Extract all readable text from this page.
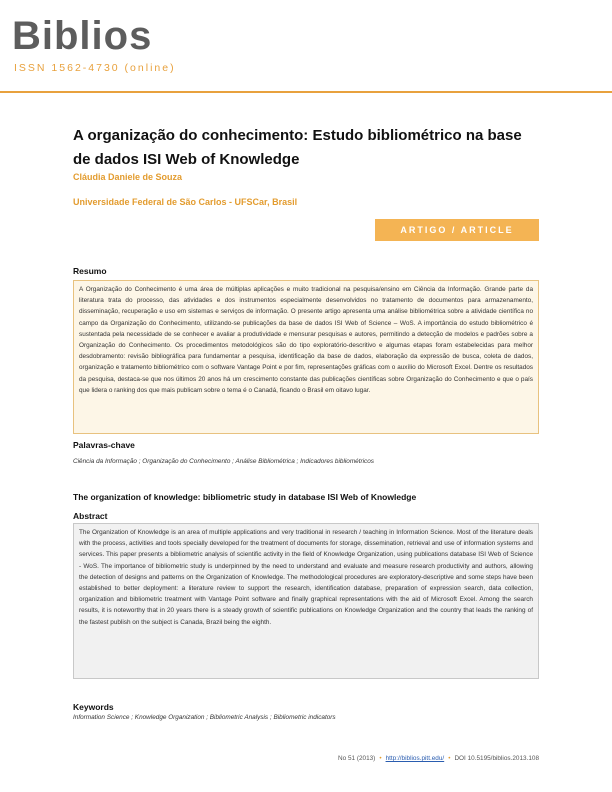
Biblios
ISSN 1562-4730 (online)
A organização do conhecimento: Estudo bibliométrico na base de dados ISI Web of Knowledge
Cláudia Daniele de Souza
Universidade Federal de São Carlos - UFSCar, Brasil
ARTIGO / ARTICLE
Resumo
A Organização do Conhecimento é uma área de múltiplas aplicações e muito tradicional na pesquisa/ensino em Ciência da Informação. Grande parte da literatura trata do processo, das atividades e dos instrumentos especialmente desenvolvidos no tratamento de documentos para armazenamento, disseminação, recuperação e uso em sistemas e serviços de informação. O presente artigo apresenta uma análise bibliométrica sobre a atividade científica no campo da Organização do Conhecimento, utilizando-se publicações da base de dados ISI Web of Science – WoS. A importância do estudo bibliométrico é sustentada pela necessidade de se conhecer e avaliar a produtividade e mensurar pesquisas e autores, permitindo a detecção de modelos e padrões sobre a Organização do Conhecimento. Os procedimentos metodológicos são do tipo exploratório-descritivo e algumas etapas foram estabelecidas para melhor desdobramento: revisão bibliográfica para fundamentar a pesquisa, identificação da base de dados, elaboração da expressão de busca, coleta de dados, organização e tratamento bibliométrico com o software Vantage Point e por fim, representações gráficas com o auxílio do Microsoft Excel. Dentre os resultados da pesquisa, destaca-se que nos últimos 20 anos há um crescimento constante das publicações científicas sobre Organização do Conhecimento e que o país que lidera o ranking dos que mais publicam sobre o tema é o Canadá, ficando o Brasil em oitavo lugar.
Palavras-chave
Ciência da Informação ; Organização do Conhecimento ; Análise Bibliométrica ; Indicadores bibliométricos
The organization of knowledge: bibliometric study in database ISI Web of Knowledge
Abstract
The Organization of Knowledge is an area of multiple applications and very traditional in research / teaching in Information Science. Most of the literature deals with the process, activities and tools specially developed for the treatment of documents for storage, dissemination, retrieval and use of information systems and services. This paper presents a bibliometric analysis of scientific activity in the field of Knowledge Organization, using publications database ISI Web of Science - WoS. The importance of bibliometric study is underpinned by the need to understand and evaluate and measure research productivity and authors, allowing the detection of designs and patterns on the Organization of Knowledge. The methodological procedures are exploratory-descriptive and some steps have been established to better deployment: a literature review to support the research, identification database, preparation of expression search, data collection, organization and bibliometric treatment with Vantage Point software and finally graphical representations with the aid of Microsoft Excel. Among the search results, it is noteworthy that in 20 years there is a steady growth of scientific publications on Knowledge Organization and the country that leads the ranking of the fastest publish on the subject is Canada, Brazil being the eighth.
Keywords
Information Science ; Knowledge Organization ; Bibliometric Analysis ; Bibliometric indicators
No 51 (2013) • http://biblios.pitt.edu/ • DOI 10.5195/biblios.2013.108
